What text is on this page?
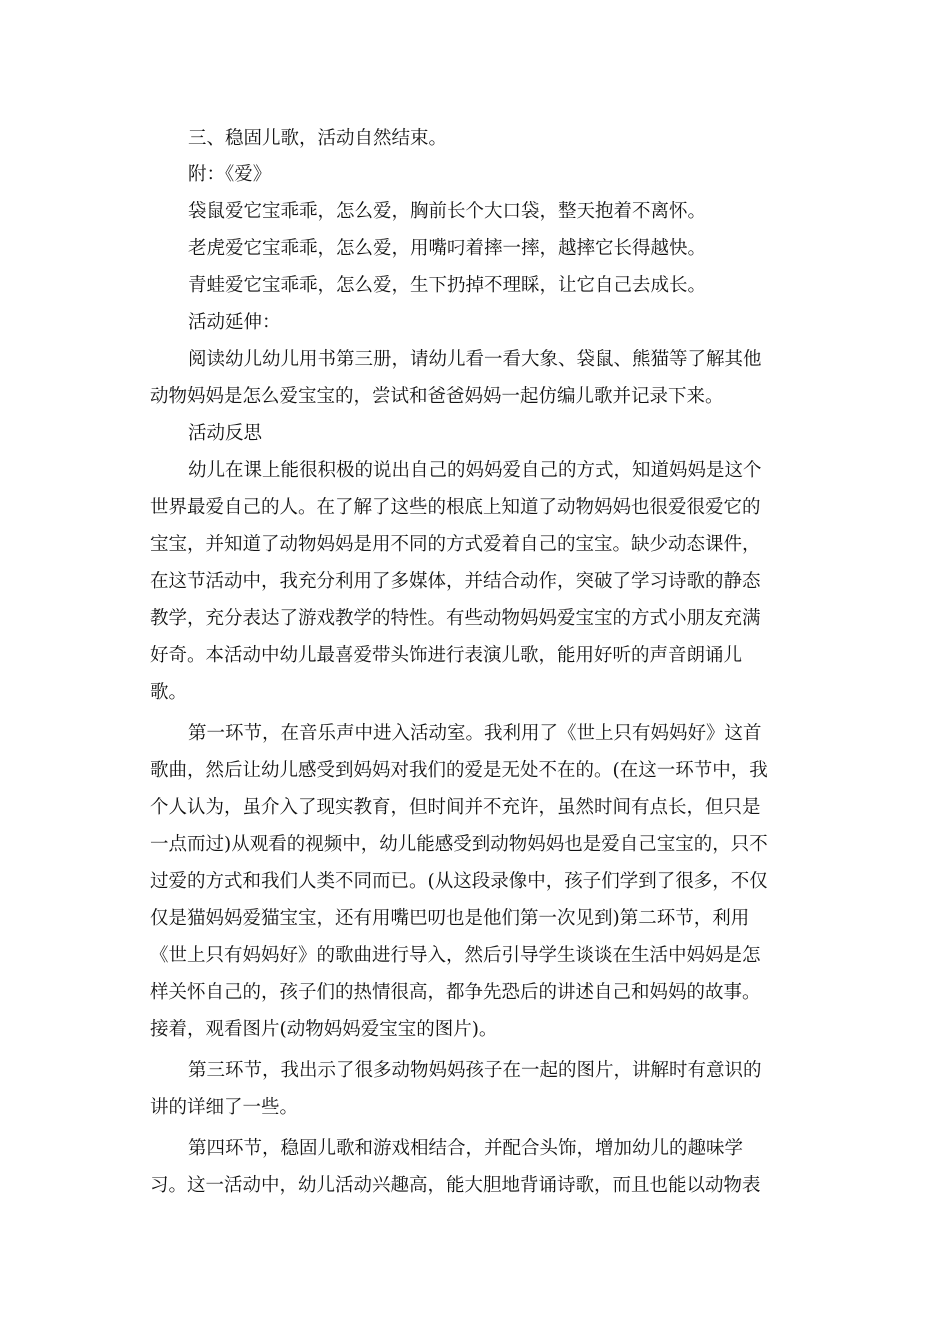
三、稳固儿歌，活动自然结束。
附：《爱》
袋鼠爱它宝乖乖，怎么爱，胸前长个大口袋，整天抱着不离怀。
老虎爱它宝乖乖，怎么爱，用嘴叼着摔一摔，越摔它长得越快。
青蛙爱它宝乖乖，怎么爱，生下扔掉不理睬，让它自己去成长。
活动延伸：
阅读幼儿幼儿用书第三册，请幼儿看一看大象、袋鼠、熊猫等了解其他
动物妈妈是怎么爱宝宝的，尝试和爸爸妈妈一起仿编儿歌并记录下来。
活动反思
幼儿在课上能很积极的说出自己的妈妈爱自己的方式，知道妈妈是这个
世界最爱自己的人。在了解了这些的根底上知道了动物妈妈也很爱很爱它的
宝宝，并知道了动物妈妈是用不同的方式爱着自己的宝宝。缺少动态课件，
在这节活动中，我充分利用了多媒体，并结合动作，突破了学习诗歌的静态
教学，充分表达了游戏教学的特性。有些动物妈妈爱宝宝的方式小朋友充满
好奇。本活动中幼儿最喜爱带头饰进行表演儿歌，能用好听的声音朗诵儿
歌。
第一环节，在音乐声中进入活动室。我利用了《世上只有妈妈好》这首
歌曲，然后让幼儿感受到妈妈对我们的爱是无处不在的。(在这一环节中，我
个人认为，虽介入了现实教育，但时间并不充许，虽然时间有点长，但只是
一点而过)从观看的视频中，幼儿能感受到动物妈妈也是爱自己宝宝的，只不
过爱的方式和我们人类不同而已。(从这段录像中，孩子们学到了很多，不仅
仅是猫妈妈爱猫宝宝，还有用嘴巴叨也是他们第一次见到)第二环节，利用
《世上只有妈妈好》的歌曲进行导入，然后引导学生谈谈在生活中妈妈是怎
样关怀自己的，孩子们的热情很高，都争先恐后的讲述自己和妈妈的故事。
接着，观看图片(动物妈妈爱宝宝的图片)。
第三环节，我出示了很多动物妈妈孩子在一起的图片，讲解时有意识的
讲的详细了一些。
第四环节，稳固儿歌和游戏相结合，并配合头饰，增加幼儿的趣味学
习。这一活动中，幼儿活动兴趣高，能大胆地背诵诗歌，而且也能以动物表
